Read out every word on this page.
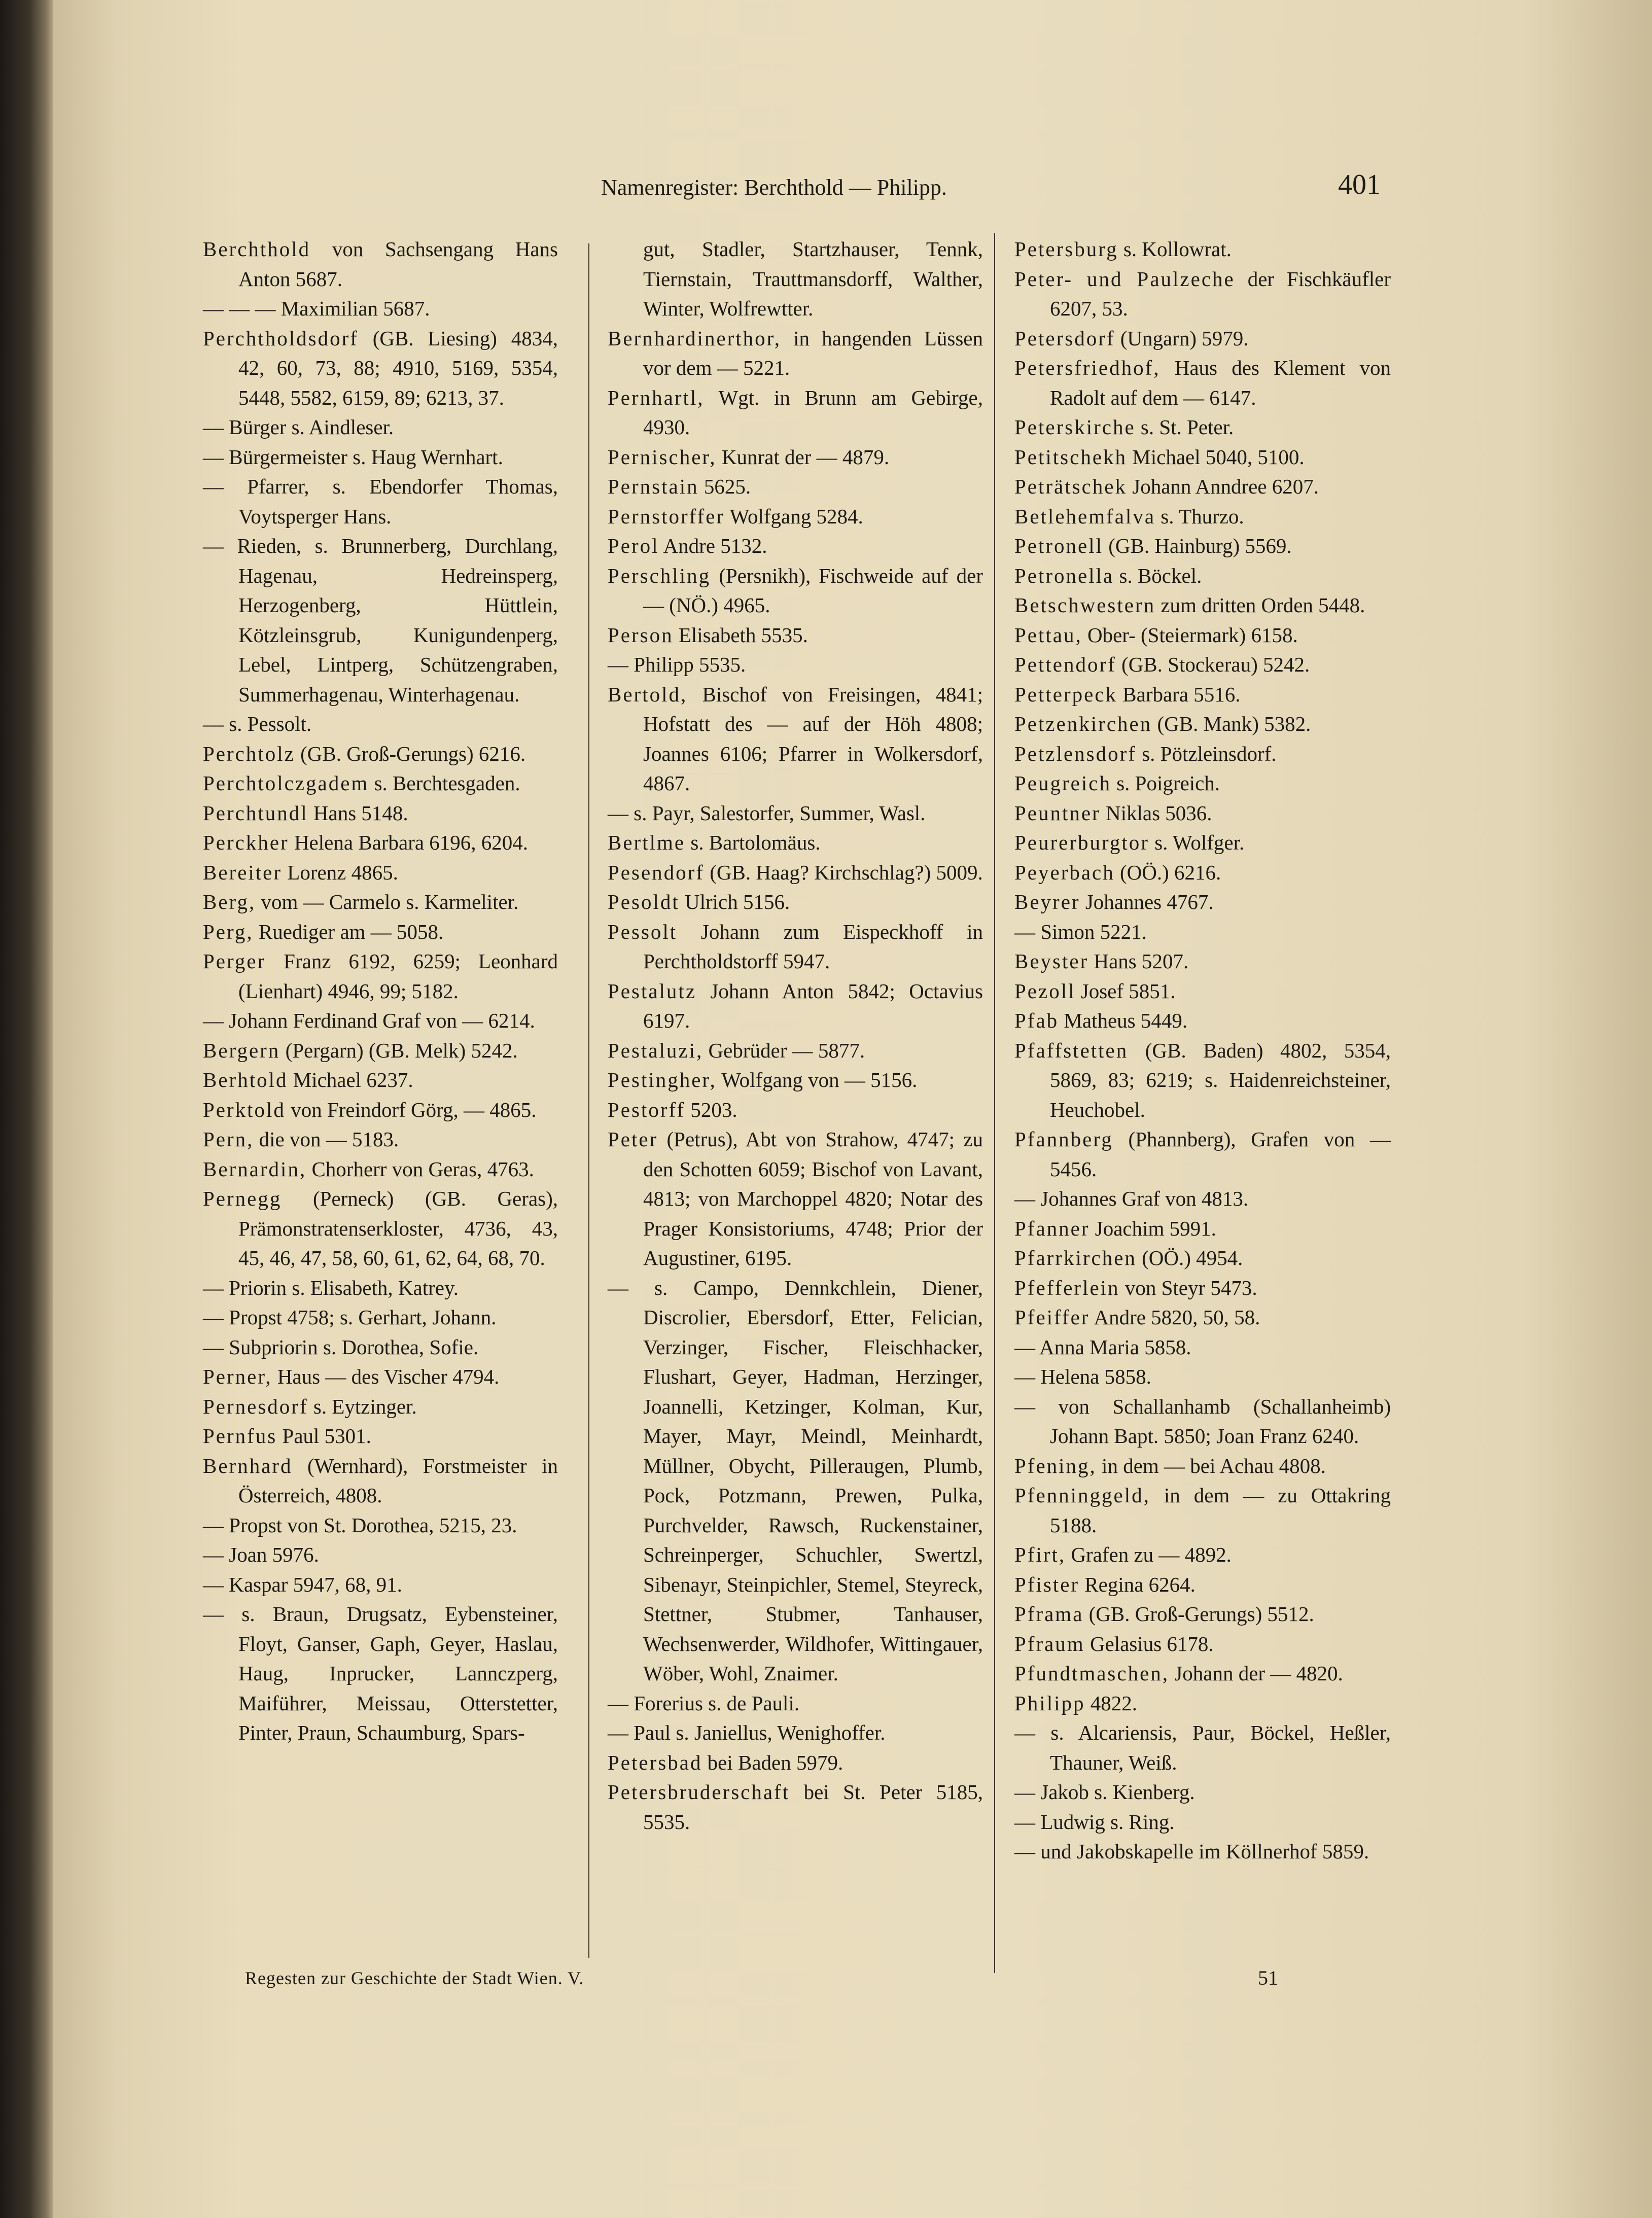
Namenregister: Berchthold — Philipp.	401

Berchthold von Sachsengang Hans Anton 5687.

— — — Maximilian 5687.

Perchtholdsdorf (GB. Liesing) 4834, 42, 60, 73, 88; 4910, 5169, 5354, 5448, 5582, 6159, 89; 6213, 37.

— Bürger s. Aindleser.

— Bürgermeister s. Haug Wernhart.

— Pfarrer, s. Ebendorfer Thomas, Voytsperger Hans.

— Rieden, s. Brunnerberg, Durchlang, Hagenau, Hedreinsperg, Herzogenberg, Hüttlein, Kötzleinsgrub, Kunigundenperg, Lebel, Lintperg, Schützengraben, Summerhagenau, Winterhagenau.

— s. Pessolt.

Perchtolz (GB. Groß-Gerungs) 6216.

Perchtolczgadem s. Berchtesgaden.

Perchtundl Hans 5148.

Perckher Helena Barbara 6196, 6204.

Bereiter Lorenz 4865.

Berg, vom — Carmelo s. Karmeliter.

Perg, Ruediger am — 5058.

Perger Franz 6192, 6259; Leonhard (Lienhart) 4946, 99; 5182.

— Johann Ferdinand Graf von — 6214.

Bergern (Pergarn) (GB. Melk) 5242.

Berhtold Michael 6237.

Perktold von Freindorf Görg, — 4865.

Pern, die von — 5183.

Bernardin, Chorherr von Geras, 4763.

Pernegg (Perneck) (GB. Geras), Prämonstratenserkloster, 4736, 43, 45, 46, 47, 58, 60, 61, 62, 64, 68, 70.

— Priorin s. Elisabeth, Katrey.

— Propst 4758; s. Gerhart, Johann.

— Subpriorin s. Dorothea, Sofie.

Perner, Haus — des Vischer 4794.

Pernesdorf s. Eytzinger.

Pernfus Paul 5301.

Bernhard (Wernhard), Forstmeister in Österreich, 4808.

— Propst von St. Dorothea, 5215, 23.

— Joan 5976.

— Kaspar 5947, 68, 91.

— s. Braun, Drugsatz, Eybensteiner, Floyt, Ganser, Gaph, Geyer, Haslau, Haug, Inprucker, Lannczperg, Maiführer, Meissau, Otterstetter, Pinter, Praun, Schaumburg, Spars-

gut, Stadler, Startzhauser, Tennk, Tiernstain, Trauttmansdorff, Walther, Winter, Wolfrewtter.

Bernhardinerthor, in hangenden Lüssen vor dem — 5221.

Pernhartl, Wgt. in Brunn am Gebirge, 4930.

Pernischer, Kunrat der — 4879.

Pernstain 5625.

Pernstorffer Wolfgang 5284.

Perol Andre 5132.

Perschling (Persnikh), Fischweide auf der — (NÖ.) 4965.

Person Elisabeth 5535.

— Philipp 5535.

Bertold, Bischof von Freisingen, 4841; Hofstatt des — auf der Höh 4808; Joannes 6106; Pfarrer in Wolkersdorf, 4867.

— s. Payr, Salestorfer, Summer, Wasl.

Bertlme s. Bartolomäus.

Pesendorf (GB. Haag? Kirchschlag?) 5009.

Pesoldt Ulrich 5156.

Pessolt Johann zum Eispeckhoff in Perchtholdstorff 5947.

Pestalutz Johann Anton 5842; Octavius 6197.

Pestaluzi, Gebrüder — 5877.

Pestingher, Wolfgang von — 5156.

Pestorff 5203.

Peter (Petrus), Abt von Strahow, 4747; zu den Schotten 6059; Bischof von Lavant, 4813; von Marchoppel 4820; Notar des Prager Konsistoriums, 4748; Prior der Augustiner, 6195.

— s. Campo, Dennkchlein, Diener, Discrolier, Ebersdorf, Etter, Felician, Verzinger, Fischer, Fleischhacker, Flushart, Geyer, Hadman, Herzinger, Joannelli, Ketzinger, Kolman, Kur, Mayer, Mayr, Meindl, Meinhardt, Müllner, Obycht, Pillerаugen, Plumb, Pock, Potzmann, Prewen, Pulka, Purchvelder, Rawsch, Ruckenstainer, Schreinperger, Schuchler, Swertzl, Sibenayr, Steinpichler, Stemel, Steyreck, Stettner, Stubmer, Tanhauser, Wechsenwerder, Wildhofer, Wittingauer, Wöber, Wohl, Znaimer.

— Forerius s. de Pauli.

— Paul s. Janiellus, Wenighoffer.

Petersbad bei Baden 5979.

Petersbruderschaft bei St. Peter 5185, 5535.

Petersburg s. Kollowrat.

Peter- und Paulzeche der Fischkäufler 6207, 53.

Petersdorf (Ungarn) 5979.

Petersfriedhof, Haus des Klement von Radolt auf dem — 6147.

Peterskirche s. St. Peter.

Petitschekh Michael 5040, 5100.

Peträtschek Johann Anndree 6207.

Betlehemfalva s. Thurzo.

Petronell (GB. Hainburg) 5569.

Petronella s. Böckel.

Betschwestern zum dritten Orden 5448.

Pettau, Ober- (Steiermark) 6158.

Pettendorf (GB. Stockerau) 5242.

Petterpeck Barbara 5516.

Petzenkirchen (GB. Mank) 5382.

Petzlensdorf s. Pötzleinsdorf.

Peugreich s. Poigreich.

Peuntner Niklas 5036.

Peurerburgtor s. Wolfger.

Peyerbach (OÖ.) 6216.

Beyrer Johannes 4767.

— Simon 5221.

Beyster Hans 5207.

Pezoll Josef 5851.

Pfab Matheus 5449.

Pfaffstetten (GB. Baden) 4802, 5354, 5869, 83; 6219; s. Haidenreichsteiner, Heuchobel.

Pfannberg (Phannberg), Grafen von — 5456.

— Johannes Graf von 4813.

Pfanner Joachim 5991.

Pfarrkirchen (OÖ.) 4954.

Pfefferlein von Steyr 5473.

Pfeiffer Andre 5820, 50, 58.

— Anna Maria 5858.

— Helena 5858.

— von Schallanhamb (Schallanheimb) Johann Bapt. 5850; Joan Franz 6240.

Pfening, in dem — bei Achau 4808.

Pfenninggeld, in dem — zu Ottakring 5188.

Pfirt, Grafen zu — 4892.

Pfister Regina 6264.

Pframa (GB. Groß-Gerungs) 5512.

Pfraum Gelasius 6178.

Pfundtmaschen, Johann der — 4820.

Philipp 4822.

— s. Alcariensis, Paur, Böckel, Heßler, Thauner, Weiß.

— Jakob s. Kienberg.

— Ludwig s. Ring.

— und Jakobskapelle im Köllnerhof 5859.

Regesten zur Geschichte der Stadt Wien. V.	51
